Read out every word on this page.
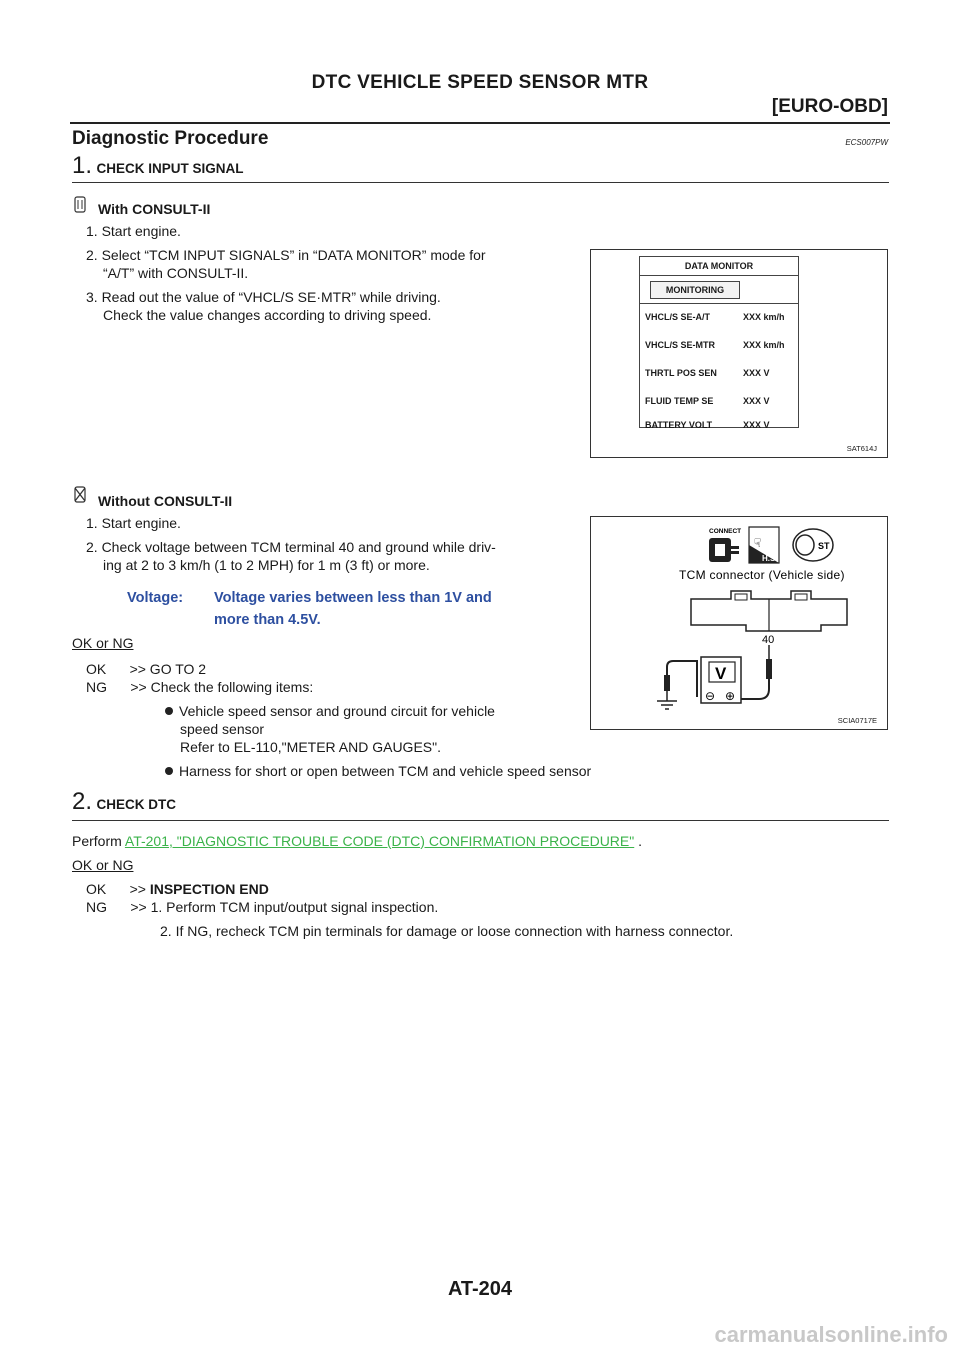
DTC VEHICLE SPEED SENSOR MTR
[EURO-OBD]
Diagnostic Procedure	ECS007PW
1. CHECK INPUT SIGNAL
With CONSULT-II
1. Start engine.
2. Select “TCM INPUT SIGNALS” in “DATA MONITOR” mode for
“A/T” with CONSULT-II.
3. Read out the value of “VHCL/S SE·MTR” while driving.
Check the value changes according to driving speed.
DATA MONITOR
MONITORING
VHCL/S SE-A/T	XXX km/h
VHCL/S SE-MTR	XXX km/h
THRTL POS SEN	XXX V
FLUID TEMP SE	XXX V
BATTERY VOLT	XXX V
SAT614J
Without CONSULT-II
1. Start engine.
2. Check voltage between TCM terminal 40 and ground while driv-
ing at 2 to 3 km/h (1 to 2 MPH) for 1 m (3 ft) or more.
Voltage: Voltage varies between less than 1V and
more than 4.5V.
OK or NG
OK      >> GO TO 2
NG      >> Check the following items:
Vehicle speed sensor and ground circuit for vehicle
speed sensor
Refer to EL-110,"METER AND GAUGES".
Harness for short or open between TCM and vehicle speed sensor
CONNECT
☟
H.S.
ST
TCM connector (Vehicle side)
40
V
⊖ ⊕
SCIA0717E
2. CHECK DTC
Perform AT-201, "DIAGNOSTIC TROUBLE CODE (DTC) CONFIRMATION PROCEDURE" .
OK or NG
OK      >> INSPECTION END
NG      >> 1. Perform TCM input/output signal inspection.
2. If NG, recheck TCM pin terminals for damage or loose connection with harness connector.
AT-204
carmanualsonline.info
